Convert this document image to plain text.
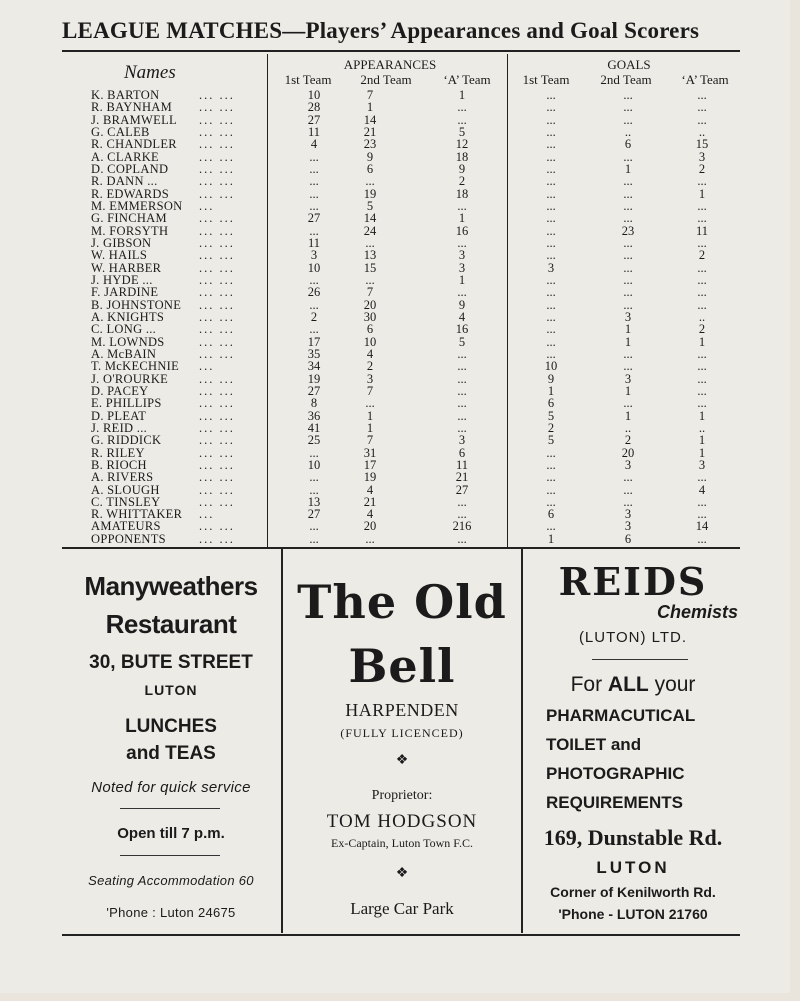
LEAGUE MATCHES—Players’ Appearances and Goal Scorers
Names	APPEARANCES	GOALS
1st Team	2nd Team	‘A’ Team	1st Team	2nd Team	‘A’ Team
K. BARTON	... ...	10	7	1	...	...	...
R. BAYNHAM ... ...	28	1	...	...	...	...
J. BRAMWELL ... ...	27	14	...	...	...	...
G. CALEB	... ...	11	21	5	...	..	..
R. CHANDLER ... ...	4	23	12	...	6	15
A. CLARKE	... ...	...	9	18	...	...	3
D. COPLAND ... ...	...	6	9	...	1	2
R. DANN ...	... ...	...	...	2	...	...	...
R. EDWARDS ... ...	...	19	18	...	...	1
M. EMMERSON ...	...	5	...	...	...	...
G. FINCHAM	... ...	27	14	1	...	...	...
M. FORSYTH ... ...	...	24	16	...	23	11
J. GIBSON	... ...	11	...	...	...	...	...
W. HAILS	... ...	3	13	3	...	...	2
W. HARBER	... ...	10	15	3	3	...	...
J. HYDE ...	... ...	...	...	1	...	...	...
F. JARDINE	... ...	26	7	...	...	...	...
B. JOHNSTONE ... ...	...	20	9	...	...	...
A. KNIGHTS	... ...	2	30	4	...	3	..
C. LONG ...	... ...	...	6	16	...	1	2
M. LOWNDS	... ...	17	10	5	...	1	1
A. McBAIN	... ...	35	4	...	...	...	...
T. McKECHNIE ...	34	2	...	10	...	...
J. O'ROURKE ... ...	19	3	...	9	3	...
D. PACEY	... ...	27	7	...	1	1	...
E. PHILLIPS	... ...	8	...	...	6	...	...
D. PLEAT	... ...	36	1	...	5	1	1
J. REID ...	... ...	41	1	...	2	..	..
G. RIDDICK	... ...	25	7	3	5	2	1
R. RILEY	... ...	...	31	6	...	20	1
B. RIOCH	... ...	10	17	11	...	3	3
A. RIVERS	... ...	...	19	21	...	...	...
A. SLOUGH	... ...	...	4	27	...	...	4
C. TINSLEY	... ...	13	21	...	...	...	...
R. WHITTAKER ...	27	4	...	6	3	...
AMATEURS	... ...	...	20	216	...	3	14
OPPONENTS	... ...	...	...	...	1	6	...
Manyweathers
Restaurant
30, BUTE STREET
LUTON
LUNCHES
and TEAS
Noted for quick service
Open till 7 p.m.
Seating Accommodation 60
'Phone : Luton 24675
The Old
Bell
HARPENDEN
(FULLY LICENCED)
❖
Proprietor:
TOM HODGSON
Ex-Captain, Luton Town F.C.
❖
Large Car Park
REIDS
Chemists
(LUTON) LTD.
For ALL your
PHARMACUTICAL
TOILET and
PHOTOGRAPHIC
REQUIREMENTS
169, Dunstable Rd.
LUTON
Corner of Kenilworth Rd.
'Phone - LUTON 21760
